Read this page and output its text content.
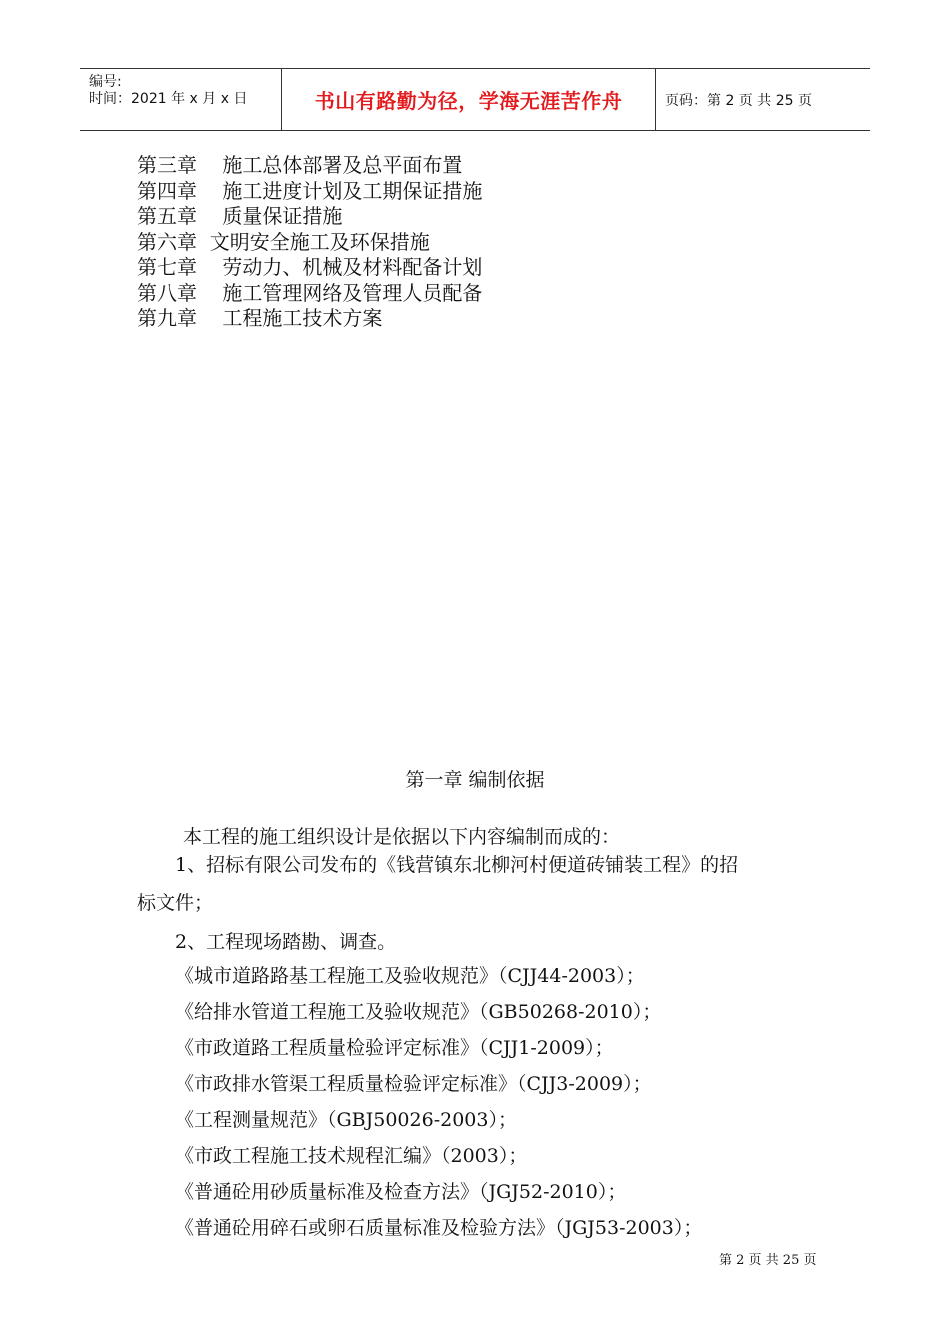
编号:
时间：2021 年 x 月 x 日	书山有路勤为径，学海无涯苦作舟	页码：第 2 页 共 25 页
第三章    施工总体部署及总平面布置
第四章    施工进度计划及工期保证措施
第五章    质量保证措施
第六章  文明安全施工及环保措施
第七章    劳动力、机械及材料配备计划
第八章    施工管理网络及管理人员配备
第九章    工程施工技术方案
第一章 编制依据
本工程的施工组织设计是依据以下内容编制而成的：
1、招标有限公司发布的《钱营镇东北柳河村便道砖铺装工程》的招
标文件；
2、工程现场踏勘、调查。
《城市道路路基工程施工及验收规范》（CJJ44-2003）；
《给排水管道工程施工及验收规范》（GB50268-2010）；
《市政道路工程质量检验评定标准》（CJJ1-2009）；
《市政排水管渠工程质量检验评定标准》（CJJ3-2009）；
《工程测量规范》（GBJ50026-2003）；
《市政工程施工技术规程汇编》（2003）；
《普通砼用砂质量标准及检查方法》（JGJ52-2010）；
《普通砼用碎石或卵石质量标准及检验方法》（JGJ53-2003）；
第 2 页 共 25 页
